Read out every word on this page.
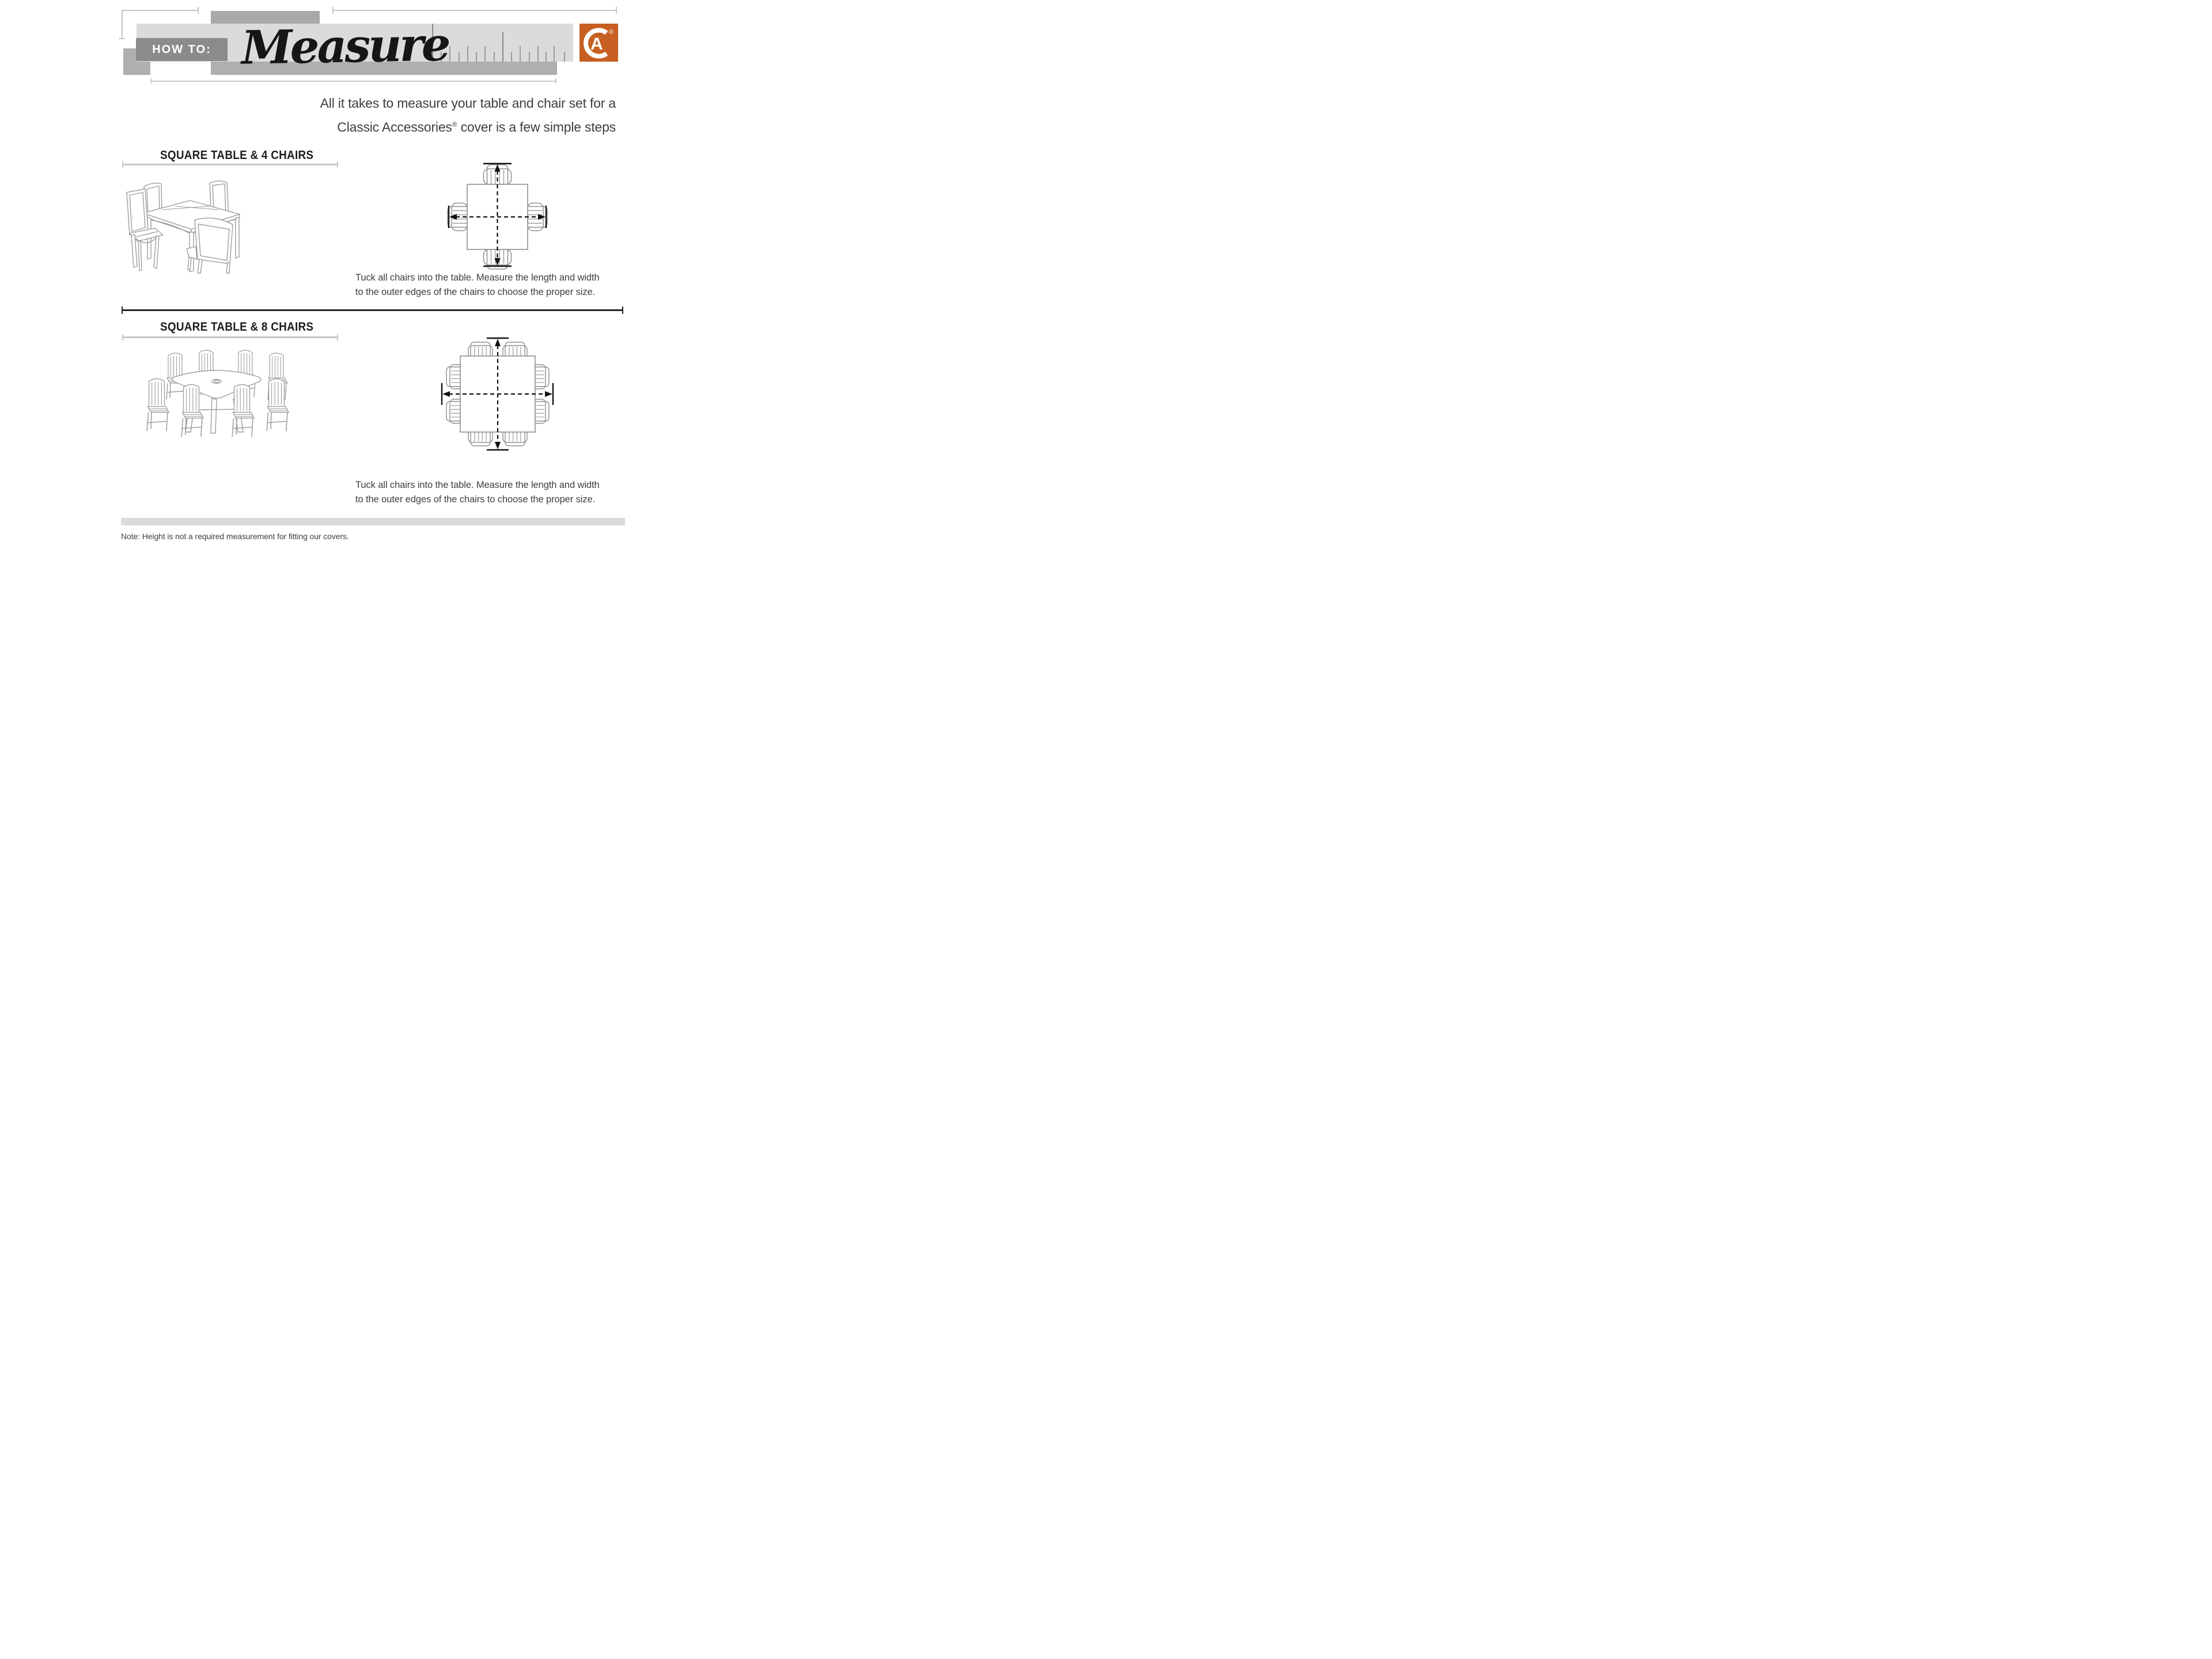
HOW TO: Measure	A
®
All it takes to measure your table and chair set for a
Classic Accessories® cover is a few simple steps
SQUARE TABLE & 4 CHAIRS
Tuck all chairs into the table. Measure the length and width
to the outer edges of the chairs to choose the proper size.
SQUARE TABLE & 8 CHAIRS
Tuck all chairs into the table. Measure the length and width
to the outer edges of the chairs to choose the proper size.
Note: Height is not a required measurement for fitting our covers.
